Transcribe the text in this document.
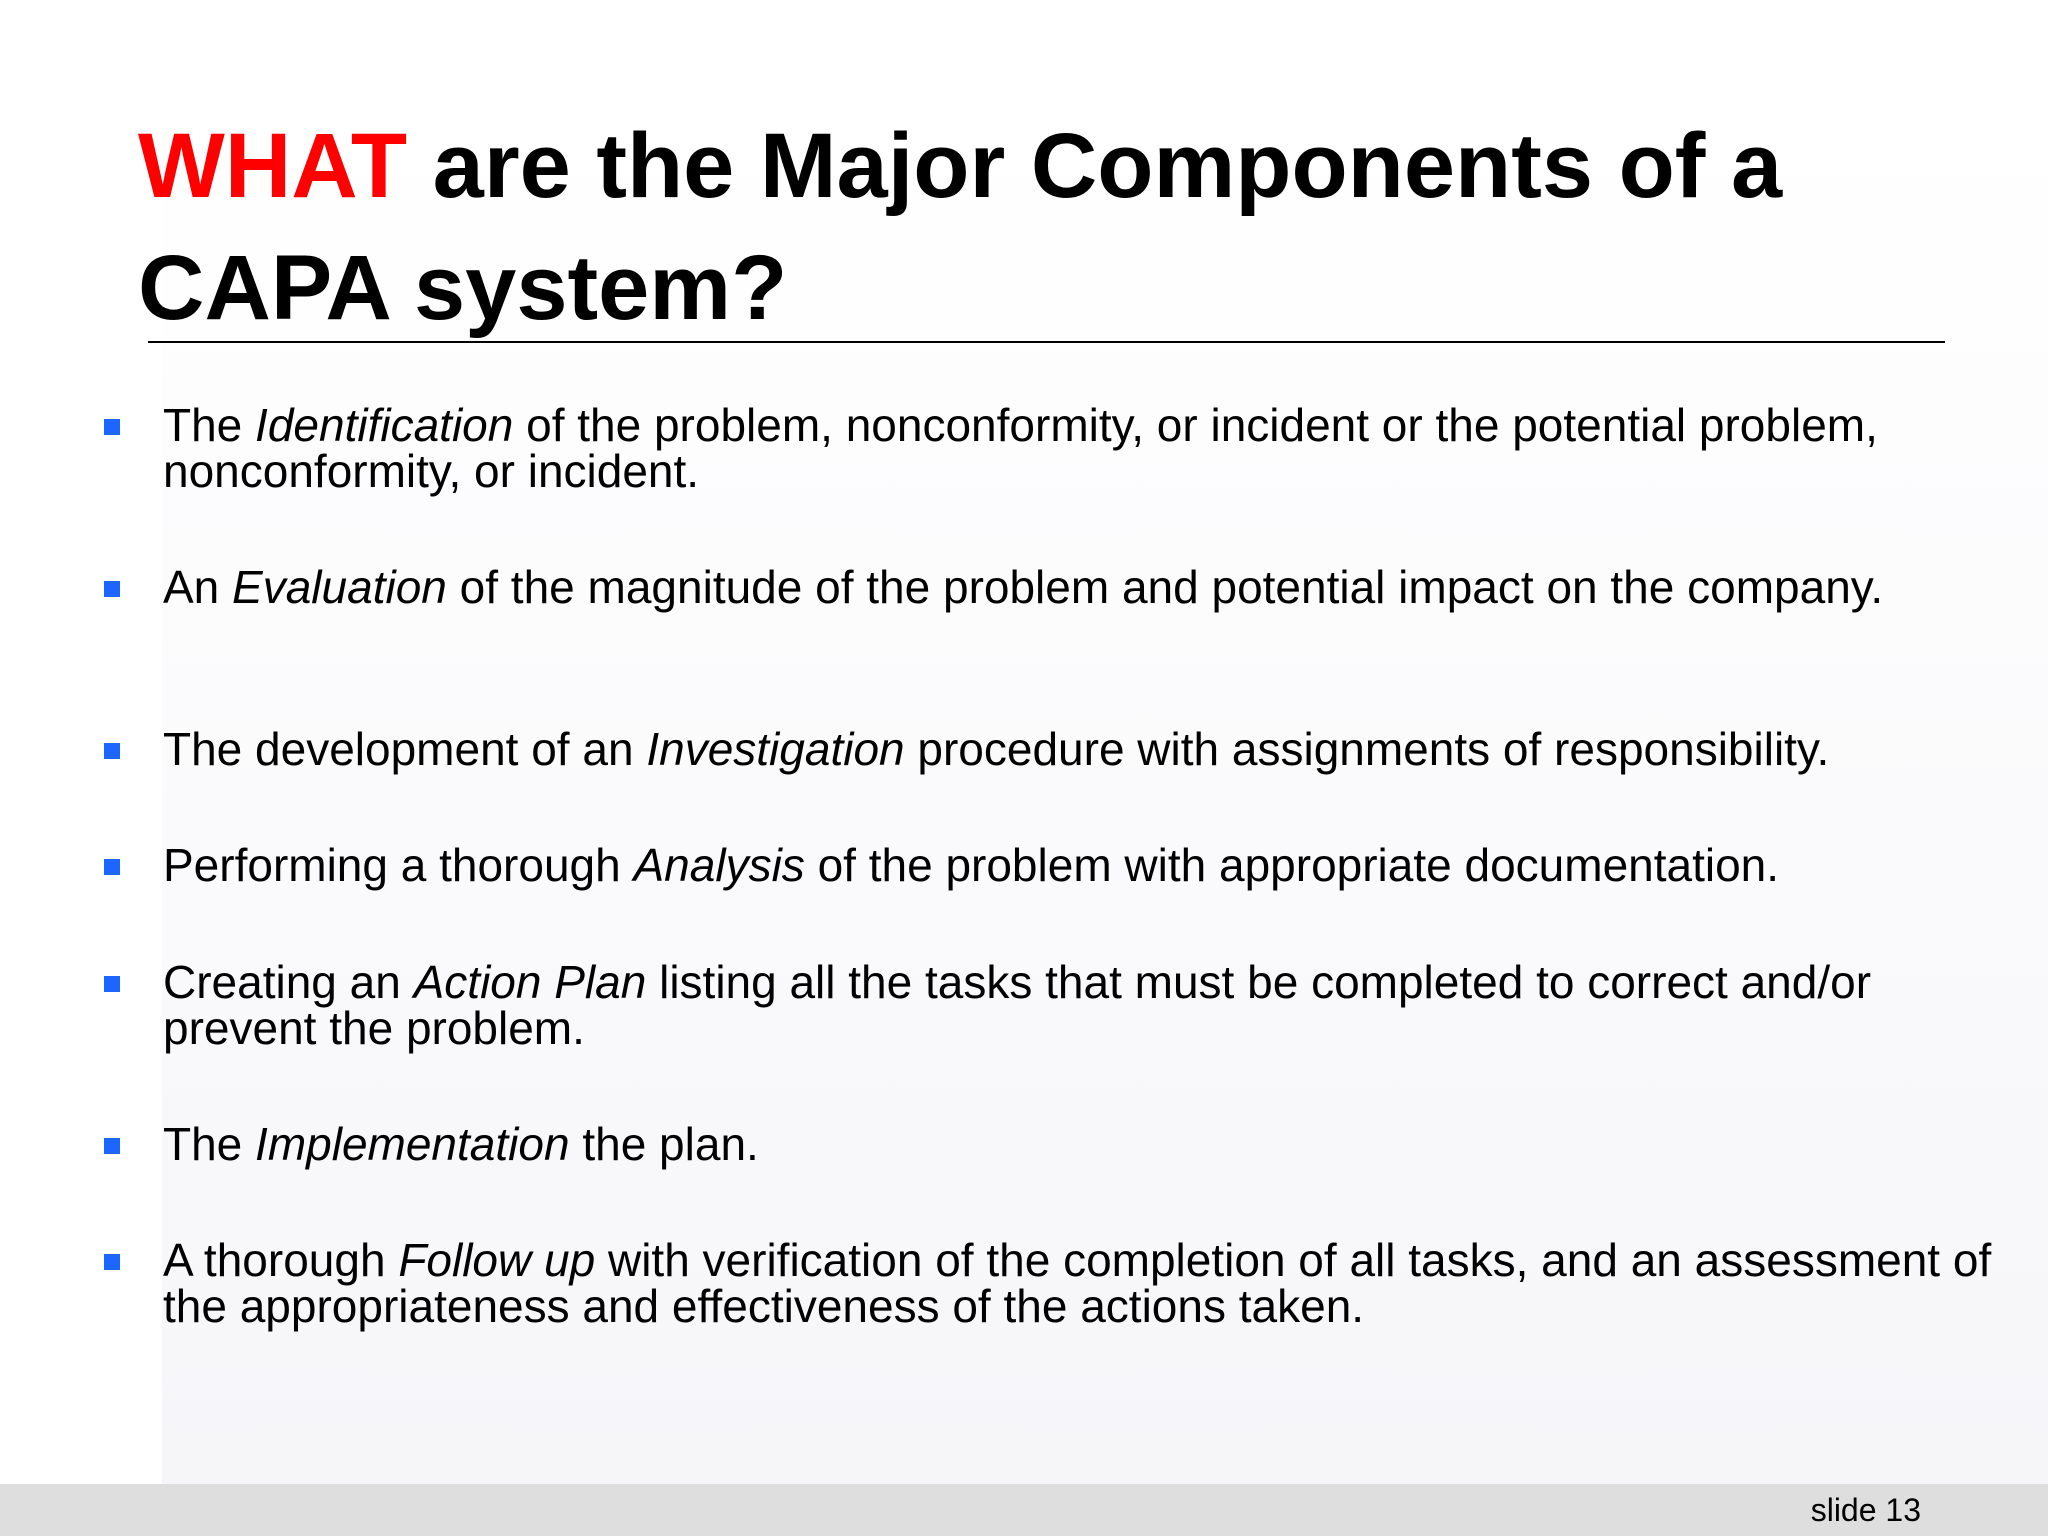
WHAT are the Major Components of a CAPA system?
The Identification of the problem, nonconformity, or incident or the potential problem, nonconformity, or incident.
An Evaluation of the magnitude of the problem and potential impact on the company.
The development of an Investigation procedure with assignments of responsibility.
Performing a thorough Analysis of the problem with appropriate documentation.
Creating an Action Plan listing all the tasks that must be completed to correct and/or prevent the problem.
The Implementation the plan.
A thorough Follow up with verification of the completion of all tasks, and an assessment of the appropriateness and effectiveness of the actions taken.
slide 13
